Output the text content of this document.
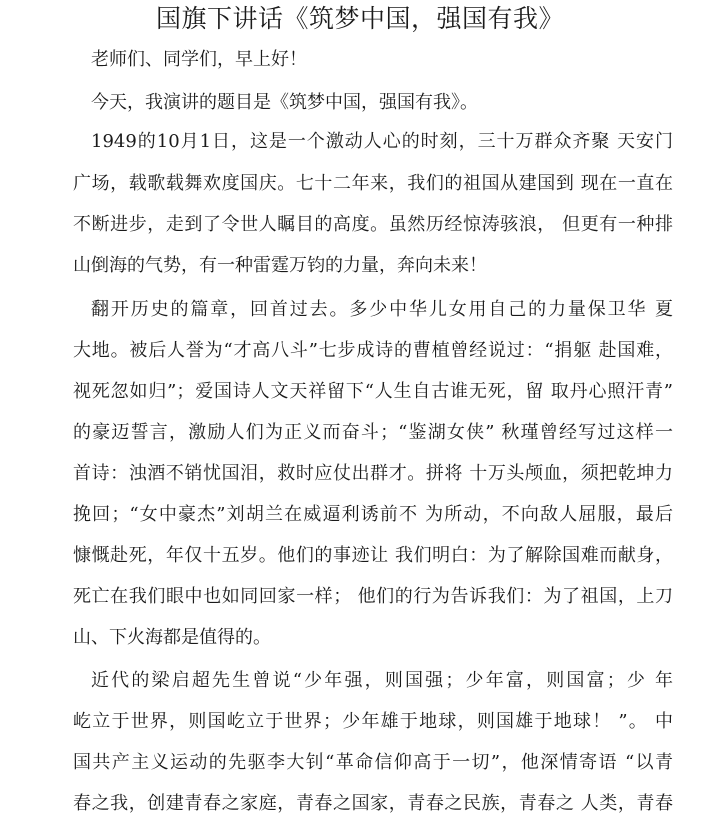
国旗下讲话《筑梦中国，强国有我》
老师们、同学们，早上好！
今天，我演讲的题目是《筑梦中国，强国有我》。
1949的10月1日，这是一个激动人心的时刻，三十万群众齐聚 天安门
广场，载歌载舞欢度国庆。七十二年来，我们的祖国从建国到 现在一直在
不断进步，走到了令世人瞩目的高度。虽然历经惊涛骇浪， 但更有一种排
山倒海的气势，有一种雷霆万钧的力量，奔向未来！
翻开历史的篇章，回首过去。多少中华儿女用自己的力量保卫华 夏
大地。被后人誉为“才高八斗”七步成诗的曹植曾经说过：“捐躯 赴国难，
视死忽如归”；爱国诗人文天祥留下“人生自古谁无死，留 取丹心照汗青”
的豪迈誓言，激励人们为正义而奋斗；“鉴湖女侠” 秋瑾曾经写过这样一
首诗：浊酒不销忧国泪，救时应仗出群才。拼将 十万头颅血，须把乾坤力
挽回；“女中豪杰”刘胡兰在威逼利诱前不 为所动，不向敌人屈服，最后
慷慨赴死，年仅十五岁。他们的事迹让 我们明白：为了解除国难而献身，
死亡在我们眼中也如同回家一样； 他们的行为告诉我们：为了祖国，上刀
山、下火海都是值得的。
近代的梁启超先生曾说“少年强，则国强；少年富，则国富；少 年
屹立于世界，则国屹立于世界；少年雄于地球，则国雄于地球！ ”。 中
国共产主义运动的先驱李大钊“革命信仰高于一切”，他深情寄语 “以青
春之我，创建青春之家庭，青春之国家，青春之民族，青春之 人类，青春
